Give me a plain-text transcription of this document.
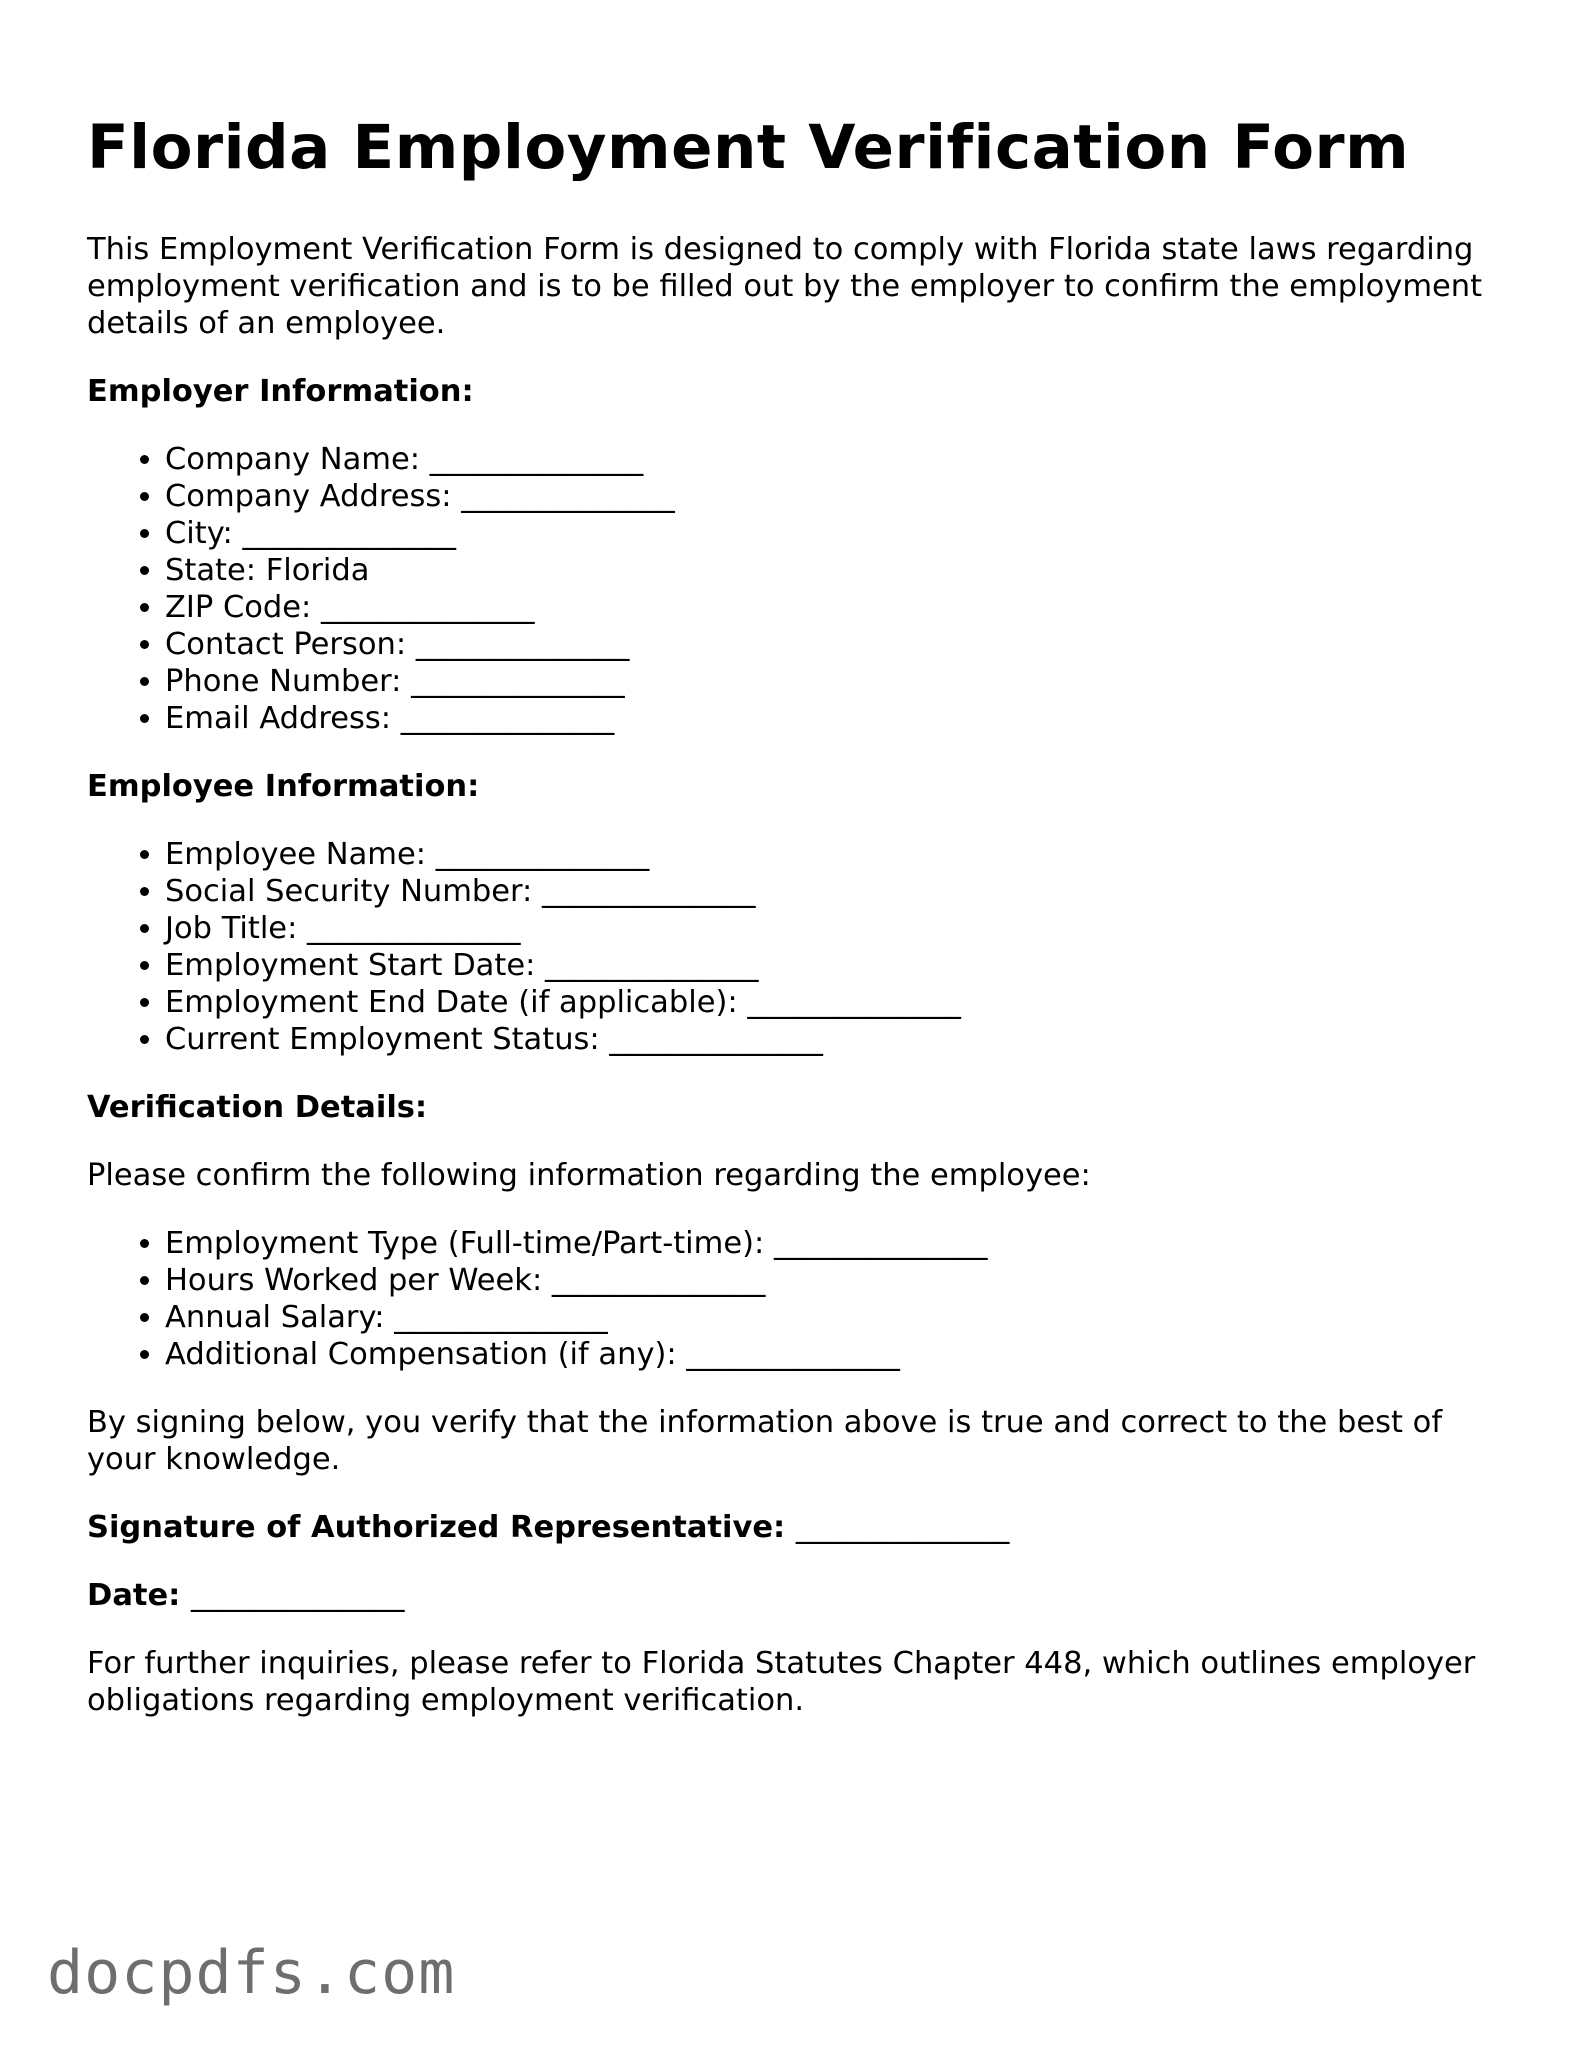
Florida Employment Verification Form

This Employment Verification Form is designed to comply with Florida state laws regarding employment verification and is to be filled out by the employer to confirm the employment details of an employee.

Employer Information:

• Company Name: ______________
• Company Address: ______________
• City: ______________
• State: Florida
• ZIP Code: ______________
• Contact Person: ______________
• Phone Number: ______________
• Email Address: ______________

Employee Information:

• Employee Name: ______________
• Social Security Number: ______________
• Job Title: ______________
• Employment Start Date: ______________
• Employment End Date (if applicable): ______________
• Current Employment Status: ______________

Verification Details:

Please confirm the following information regarding the employee:

• Employment Type (Full-time/Part-time): ______________
• Hours Worked per Week: ______________
• Annual Salary: ______________
• Additional Compensation (if any): ______________

By signing below, you verify that the information above is true and correct to the best of your knowledge.

Signature of Authorized Representative: ______________

Date: ______________

For further inquiries, please refer to Florida Statutes Chapter 448, which outlines employer obligations regarding employment verification.

docpdfs.com
